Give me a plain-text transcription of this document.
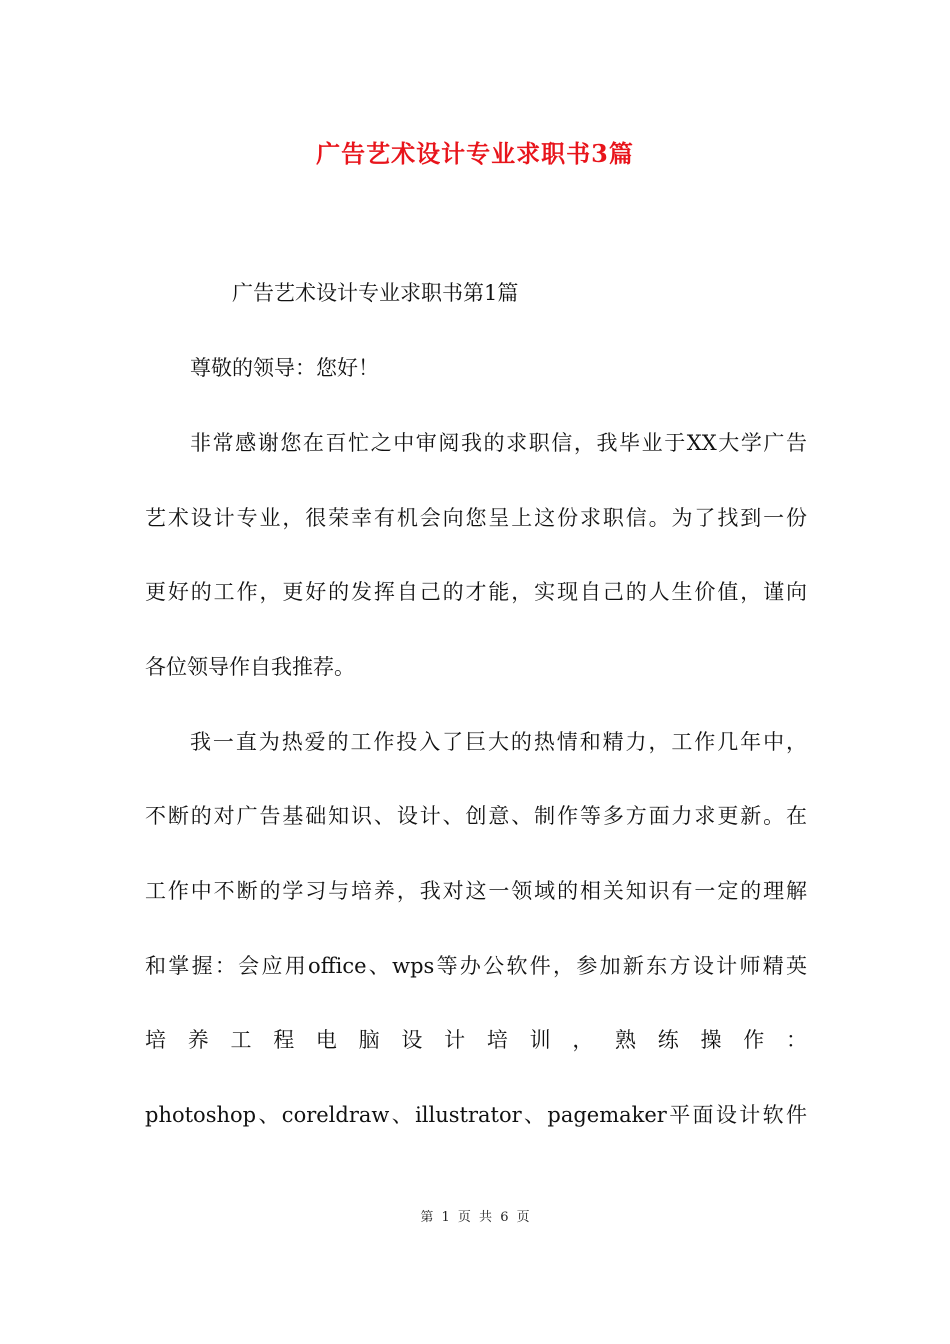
广告艺术设计专业求职书3篇
广告艺术设计专业求职书第1篇
尊敬的领导：您好！
非常感谢您在百忙之中审阅我的求职信，我毕业于XX大学广告
艺术设计专业，很荣幸有机会向您呈上这份求职信。为了找到一份
更好的工作，更好的发挥自己的才能，实现自己的人生价值，谨向
各位领导作自我推荐。
我一直为热爱的工作投入了巨大的热情和精力，工作几年中，
不断的对广告基础知识、设计、创意、制作等多方面力求更新。在
工作中不断的学习与培养，我对这一领域的相关知识有一定的理解
和掌握：会应用office、wps等办公软件，参加新东方设计师精英
培 养 工 程 电 脑 设 计 培 训 ， 熟 练 操 作 ：
photoshop、coreldraw、illustrator、pagemaker平面设计软件
第 1 页 共 6 页
